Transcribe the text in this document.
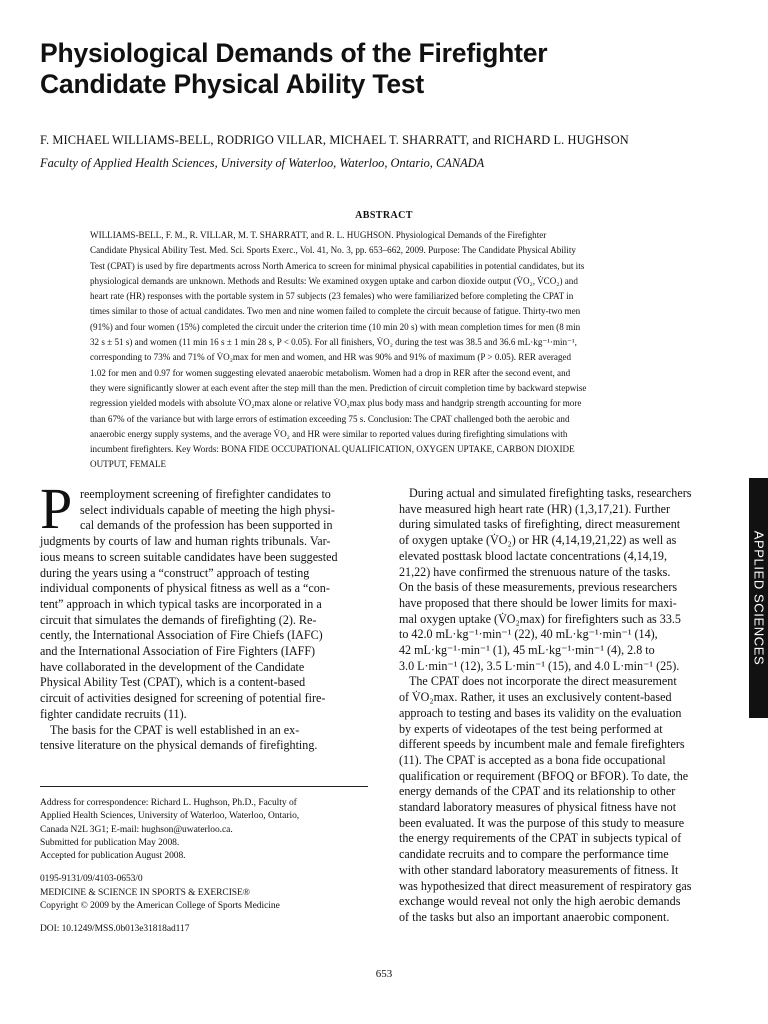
Physiological Demands of the Firefighter
Candidate Physical Ability Test
F. MICHAEL WILLIAMS-BELL, RODRIGO VILLAR, MICHAEL T. SHARRATT, and RICHARD L. HUGHSON
Faculty of Applied Health Sciences, University of Waterloo, Waterloo, Ontario, CANADA
ABSTRACT
WILLIAMS-BELL, F. M., R. VILLAR, M. T. SHARRATT, and R. L. HUGHSON. Physiological Demands of the Firefighter
Candidate Physical Ability Test. Med. Sci. Sports Exerc., Vol. 41, No. 3, pp. 653–662, 2009. Purpose: The Candidate Physical Ability
Test (CPAT) is used by fire departments across North America to screen for minimal physical capabilities in potential candidates, but its
physiological demands are unknown. Methods and Results: We examined oxygen uptake and carbon dioxide output (V̇O₂, V̇CO₂) and
heart rate (HR) responses with the portable system in 57 subjects (23 females) who were familiarized before completing the CPAT in
times similar to those of actual candidates. Two men and nine women failed to complete the circuit because of fatigue. Thirty-two men
(91%) and four women (15%) completed the circuit under the criterion time (10 min 20 s) with mean completion times for men (8 min
32 s ± 51 s) and women (11 min 16 s ± 1 min 28 s, P < 0.05). For all finishers, V̇O₂ during the test was 38.5 and 36.6 mL·kg⁻¹·min⁻¹,
corresponding to 73% and 71% of V̇O₂max for men and women, and HR was 90% and 91% of maximum (P > 0.05). RER averaged
1.02 for men and 0.97 for women suggesting elevated anaerobic metabolism. Women had a drop in RER after the second event, and
they were significantly slower at each event after the step mill than the men. Prediction of circuit completion time by backward stepwise
regression yielded models with absolute V̇O₂max alone or relative V̇O₂max plus body mass and handgrip strength accounting for more
than 67% of the variance but with large errors of estimation exceeding 75 s. Conclusion: The CPAT challenged both the aerobic and
anaerobic energy supply systems, and the average V̇O₂ and HR were similar to reported values during firefighting simulations with
incumbent firefighters. Key Words: BONA FIDE OCCUPATIONAL QUALIFICATION, OXYGEN UPTAKE, CARBON DIOXIDE
OUTPUT, FEMALE
P reemployment screening of firefighter candidates to
select individuals capable of meeting the high physi-
cal demands of the profession has been supported in
judgments by courts of law and human rights tribunals. Var-
ious means to screen suitable candidates have been suggested
during the years using a “construct” approach of testing
individual components of physical fitness as well as a “con-
tent” approach in which typical tasks are incorporated in a
circuit that simulates the demands of firefighting (2). Re-
cently, the International Association of Fire Chiefs (IAFC)
and the International Association of Fire Fighters (IAFF)
have collaborated in the development of the Candidate
Physical Ability Test (CPAT), which is a content-based
circuit of activities designed for screening of potential fire-
fighter candidate recruits (11).
The basis for the CPAT is well established in an ex-
tensive literature on the physical demands of firefighting.
Address for correspondence: Richard L. Hughson, Ph.D., Faculty of
Applied Health Sciences, University of Waterloo, Waterloo, Ontario,
Canada N2L 3G1; E-mail: hughson@uwaterloo.ca.
Submitted for publication May 2008.
Accepted for publication August 2008.
0195-9131/09/4103-0653/0
MEDICINE & SCIENCE IN SPORTS & EXERCISE®
Copyright © 2009 by the American College of Sports Medicine
DOI: 10.1249/MSS.0b013e31818ad117
During actual and simulated firefighting tasks, researchers
have measured high heart rate (HR) (1,3,17,21). Further
during simulated tasks of firefighting, direct measurement
of oxygen uptake (V̇O₂) or HR (4,14,19,21,22) as well as
elevated posttask blood lactate concentrations (4,14,19,
21,22) have confirmed the strenuous nature of the tasks.
On the basis of these measurements, previous researchers
have proposed that there should be lower limits for maxi-
mal oxygen uptake (V̇O₂max) for firefighters such as 33.5
to 42.0 mL·kg⁻¹·min⁻¹ (22), 40 mL·kg⁻¹·min⁻¹ (14),
42 mL·kg⁻¹·min⁻¹ (1), 45 mL·kg⁻¹·min⁻¹ (4), 2.8 to
3.0 L·min⁻¹ (12), 3.5 L·min⁻¹ (15), and 4.0 L·min⁻¹ (25).
The CPAT does not incorporate the direct measurement
of V̇O₂max. Rather, it uses an exclusively content-based
approach to testing and bases its validity on the evaluation
by experts of videotapes of the test being performed at
different speeds by incumbent male and female firefighters
(11). The CPAT is accepted as a bona fide occupational
qualification or requirement (BFOQ or BFOR). To date, the
energy demands of the CPAT and its relationship to other
standard laboratory measures of physical fitness have not
been evaluated. It was the purpose of this study to measure
the energy requirements of the CPAT in subjects typical of
candidate recruits and to compare the performance time
with other standard laboratory measurements of fitness. It
was hypothesized that direct measurement of respiratory gas
exchange would reveal not only the high aerobic demands
of the tasks but also an important anaerobic component.
653
APPLIED SCIENCES
